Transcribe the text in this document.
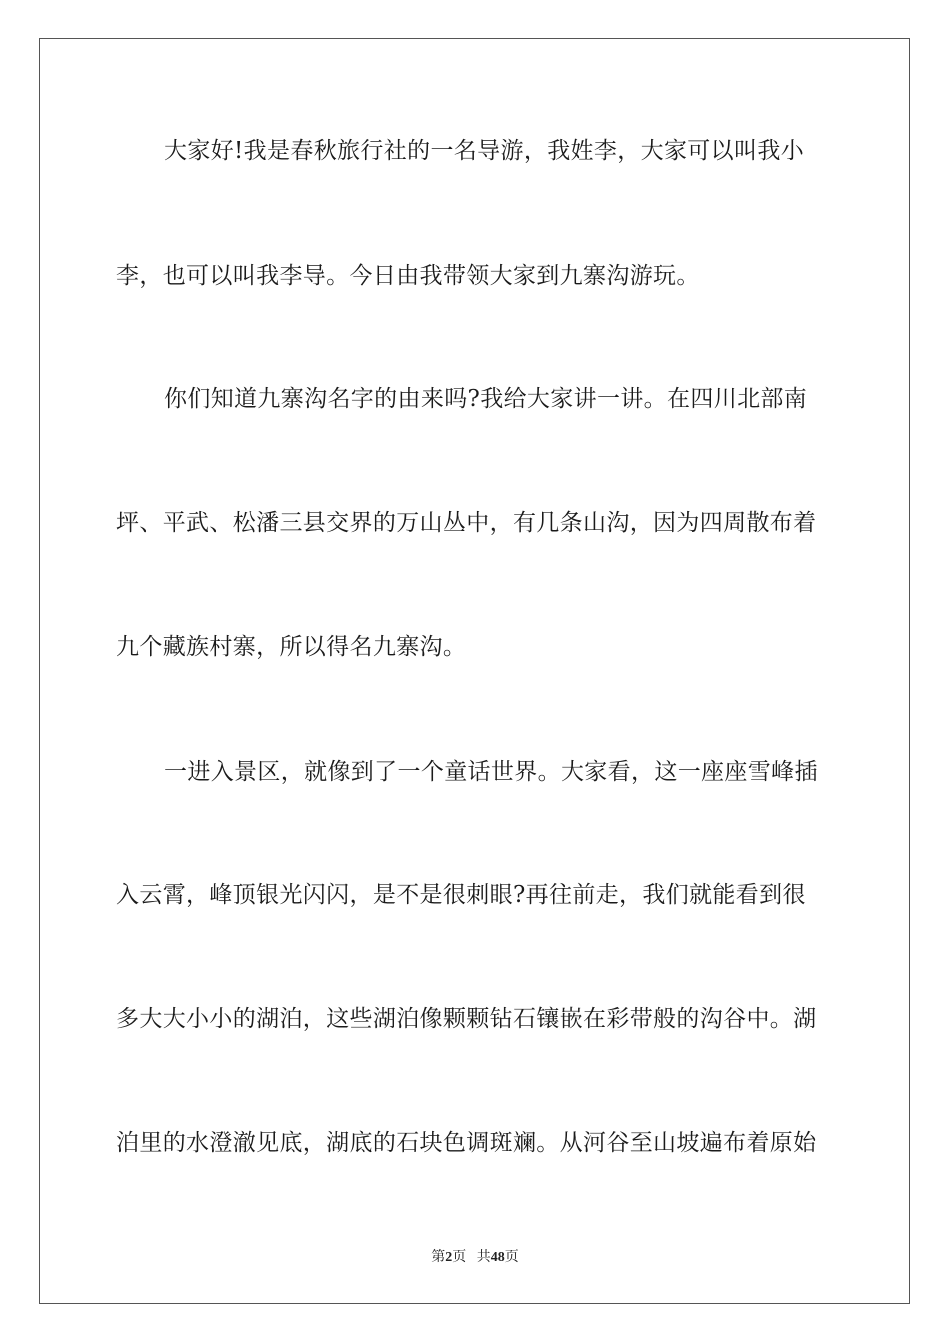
大家好!我是春秋旅行社的一名导游，我姓李，大家可以叫我小

李，也可以叫我李导。今日由我带领大家到九寨沟游玩。

你们知道九寨沟名字的由来吗?我给大家讲一讲。在四川北部南

坪、平武、松潘三县交界的万山丛中，有几条山沟，因为四周散布着

九个藏族村寨，所以得名九寨沟。

一进入景区，就像到了一个童话世界。大家看，这一座座雪峰插

入云霄，峰顶银光闪闪，是不是很刺眼?再往前走，我们就能看到很

多大大小小的湖泊，这些湖泊像颗颗钻石镶嵌在彩带般的沟谷中。湖

泊里的水澄澈见底，湖底的石块色调斑斓。从河谷至山坡遍布着原始

第2页 共48页
